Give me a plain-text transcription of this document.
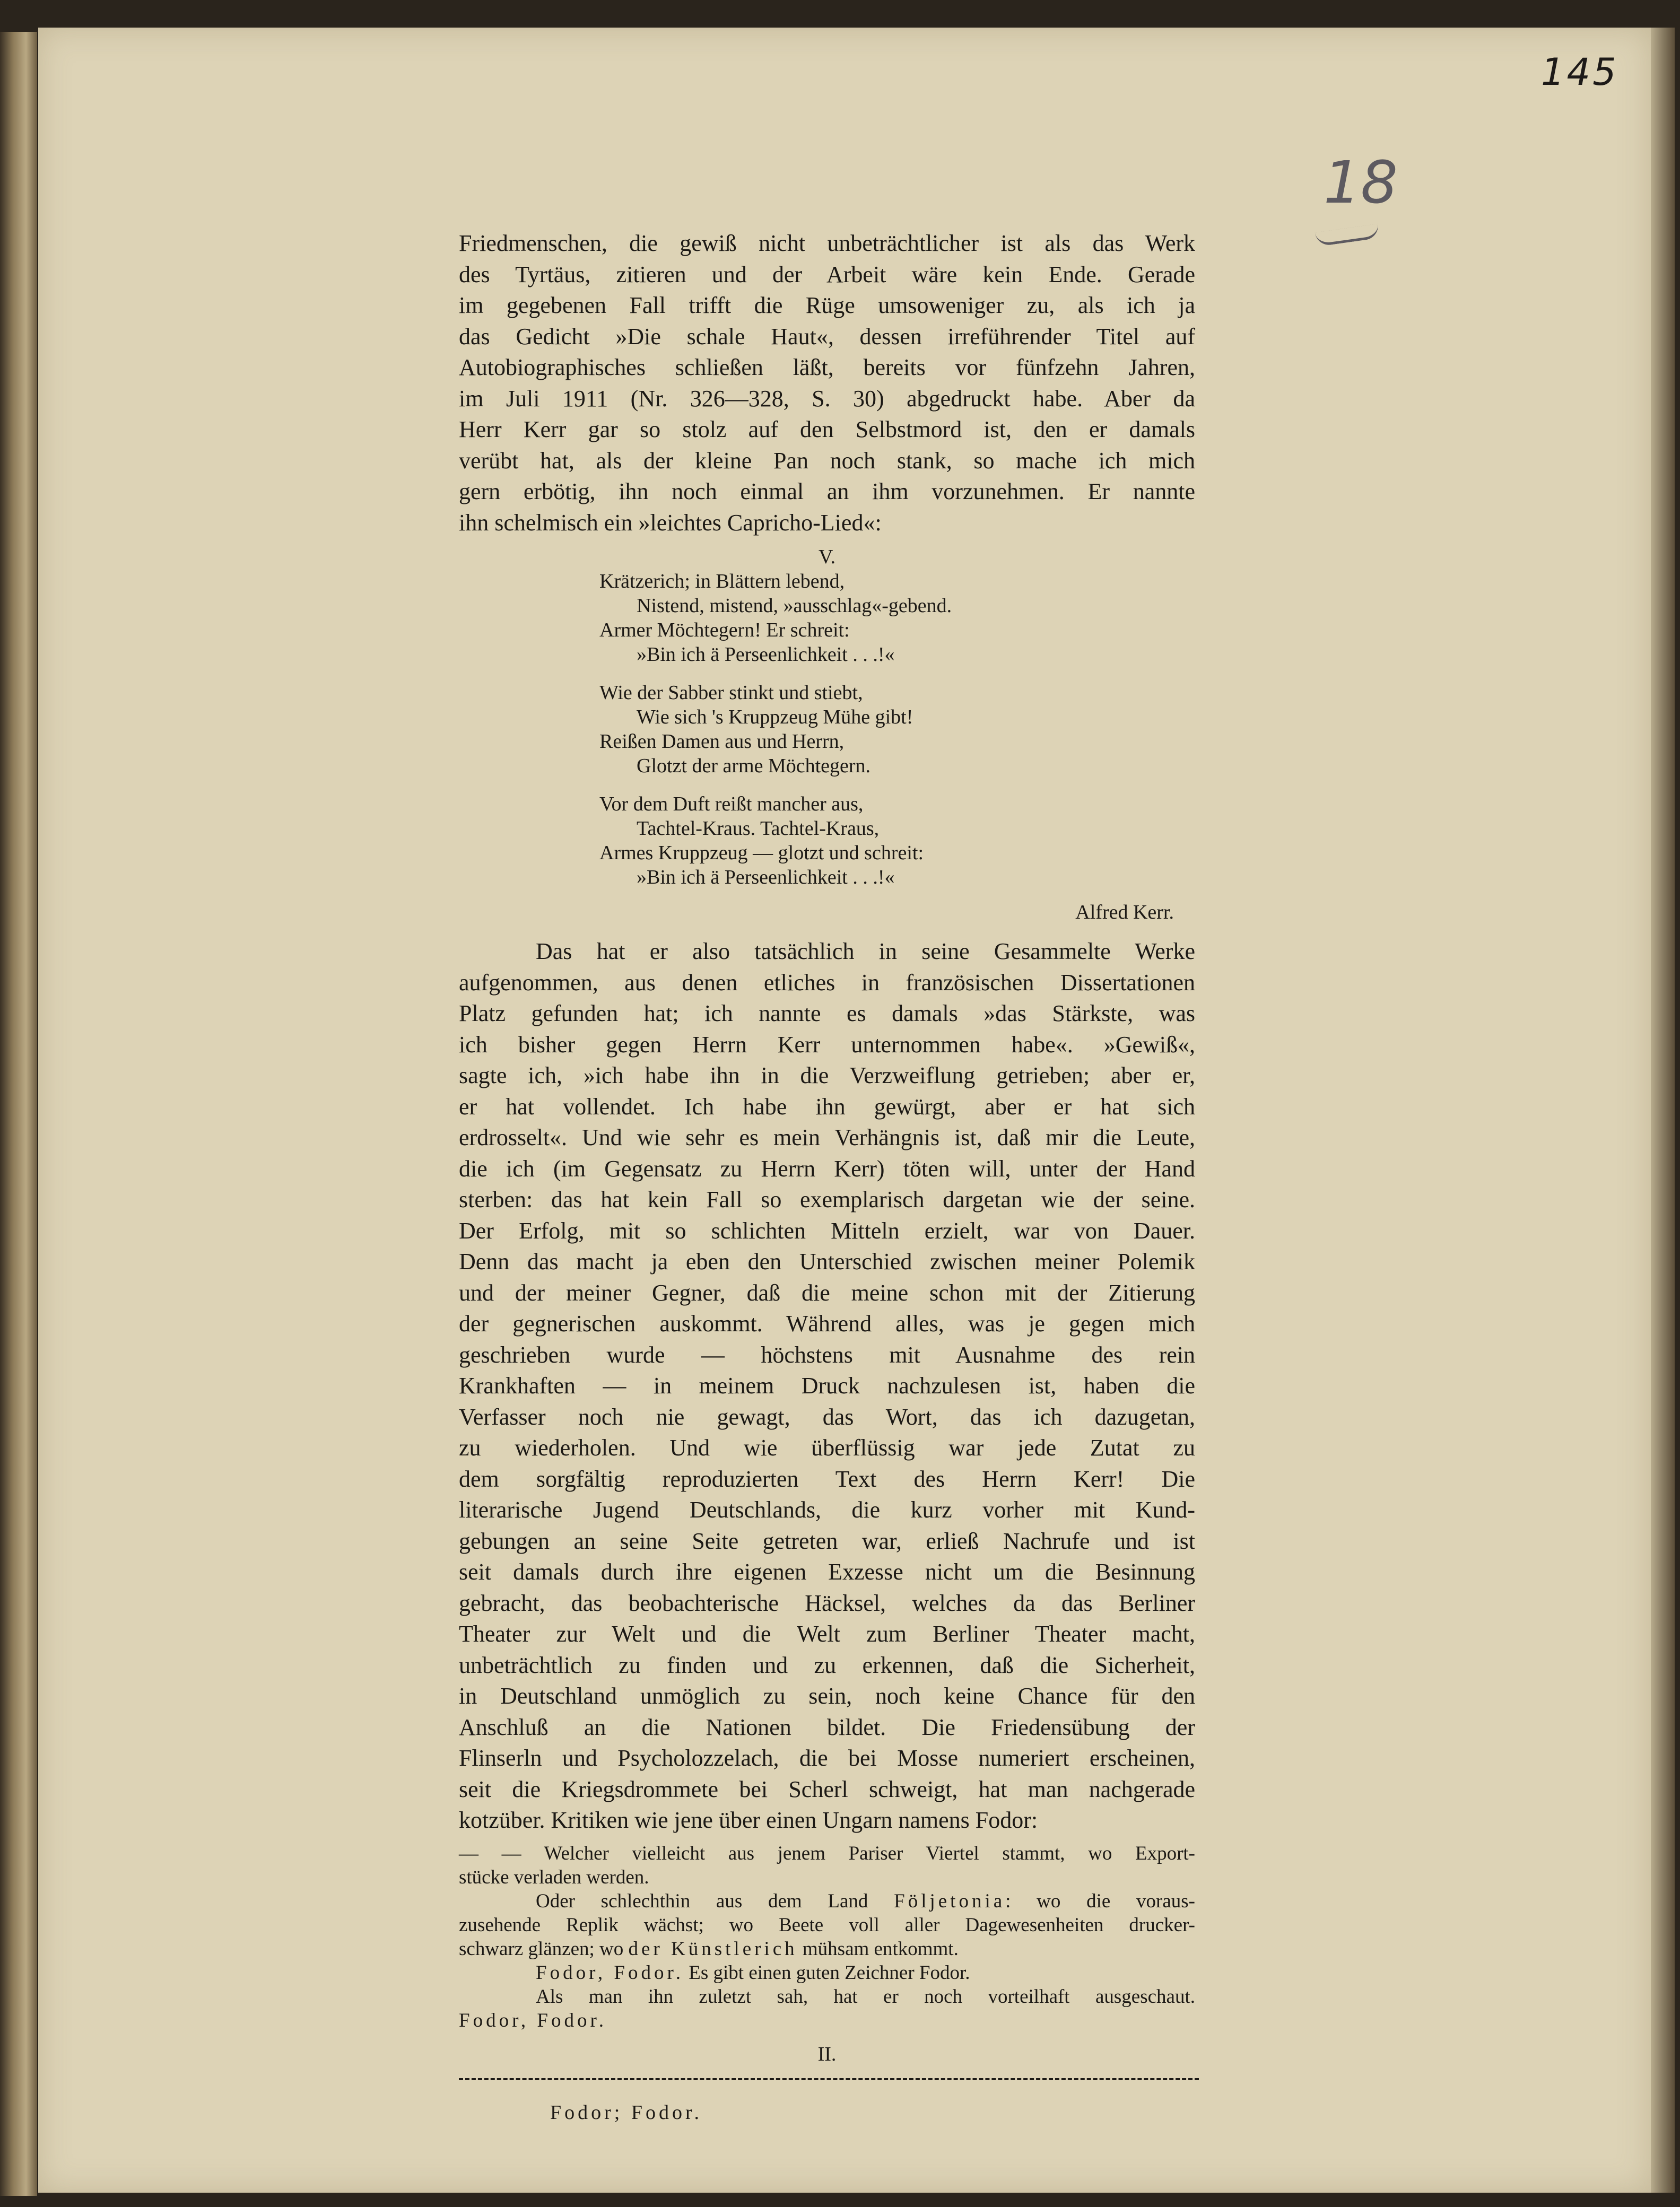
145
18

Friedmenschen, die gewiß nicht unbeträchtlicher ist als das Werk

des Tyrtäus, zitieren und der Arbeit wäre kein Ende. Gerade

im gegebenen Fall trifft die Rüge umsoweniger zu, als ich ja

das Gedicht »Die schale Haut«, dessen irreführender Titel auf

Autobiographisches schließen läßt, bereits vor fünfzehn Jahren,

im Juli 1911 (Nr. 326—328, S. 30) abgedruckt habe. Aber da

Herr Kerr gar so stolz auf den Selbstmord ist, den er damals

verübt hat, als der kleine Pan noch stank, so mache ich mich

gern erbötig, ihn noch einmal an ihm vorzunehmen. Er nannte

ihn schelmisch ein »leichtes Capricho-Lied«:

V.
Krätzerich; in Blättern lebend,
Nistend, mistend, »ausschlag«-gebend.
Armer Möchtegern! Er schreit:
»Bin ich ä Perseenlichkeit . . .!«
Wie der Sabber stinkt und stiebt,
Wie sich 's Kruppzeug Mühe gibt!
Reißen Damen aus und Herrn,
Glotzt der arme Möchtegern.
Vor dem Duft reißt mancher aus,
Tachtel-Kraus. Tachtel-Kraus,
Armes Kruppzeug — glotzt und schreit:
»Bin ich ä Perseenlichkeit . . .!«
Alfred Kerr.

Das hat er also tatsächlich in seine Gesammelte Werke

aufgenommen, aus denen etliches in französischen Dissertationen

Platz gefunden hat; ich nannte es damals »das Stärkste, was

ich bisher gegen Herrn Kerr unternommen habe«. »Gewiß«,

sagte ich, »ich habe ihn in die Verzweiflung getrieben; aber er,

er hat vollendet. Ich habe ihn gewürgt, aber er hat sich

erdrosselt«. Und wie sehr es mein Verhängnis ist, daß mir die Leute,

die ich (im Gegensatz zu Herrn Kerr) töten will, unter der Hand

sterben: das hat kein Fall so exemplarisch dargetan wie der seine.

Der Erfolg, mit so schlichten Mitteln erzielt, war von Dauer.

Denn das macht ja eben den Unterschied zwischen meiner Polemik

und der meiner Gegner, daß die meine schon mit der Zitierung

der gegnerischen auskommt. Während alles, was je gegen mich

geschrieben wurde — höchstens mit Ausnahme des rein

Krankhaften — in meinem Druck nachzulesen ist, haben die

Verfasser noch nie gewagt, das Wort, das ich dazugetan,

zu wiederholen. Und wie überflüssig war jede Zutat zu

dem sorgfältig reproduzierten Text des Herrn Kerr! Die

literarische Jugend Deutschlands, die kurz vorher mit Kund-

gebungen an seine Seite getreten war, erließ Nachrufe und ist

seit damals durch ihre eigenen Exzesse nicht um die Besinnung

gebracht, das beobachterische Häcksel, welches da das Berliner

Theater zur Welt und die Welt zum Berliner Theater macht,

unbeträchtlich zu finden und zu erkennen, daß die Sicherheit,

in Deutschland unmöglich zu sein, noch keine Chance für den

Anschluß an die Nationen bildet. Die Friedensübung der

Flinserln und Psycholozzelach, die bei Mosse numeriert erscheinen,

seit die Kriegsdrommete bei Scherl schweigt, hat man nachgerade

kotzüber. Kritiken wie jene über einen Ungarn namens Fodor:

— — Welcher vielleicht aus jenem Pariser Viertel stammt, wo Export-

stücke verladen werden.

Oder schlechthin aus dem Land Följetonia: wo die voraus-

zusehende Replik wächst; wo Beete voll aller Dagewesenheiten drucker-

schwarz glänzen; wo der Künstlerich mühsam entkommt.

Fodor, Fodor. Es gibt einen guten Zeichner Fodor.

Als man ihn zuletzt sah, hat er noch vorteilhaft ausgeschaut.

Fodor, Fodor.

II.
Fodor; Fodor.
